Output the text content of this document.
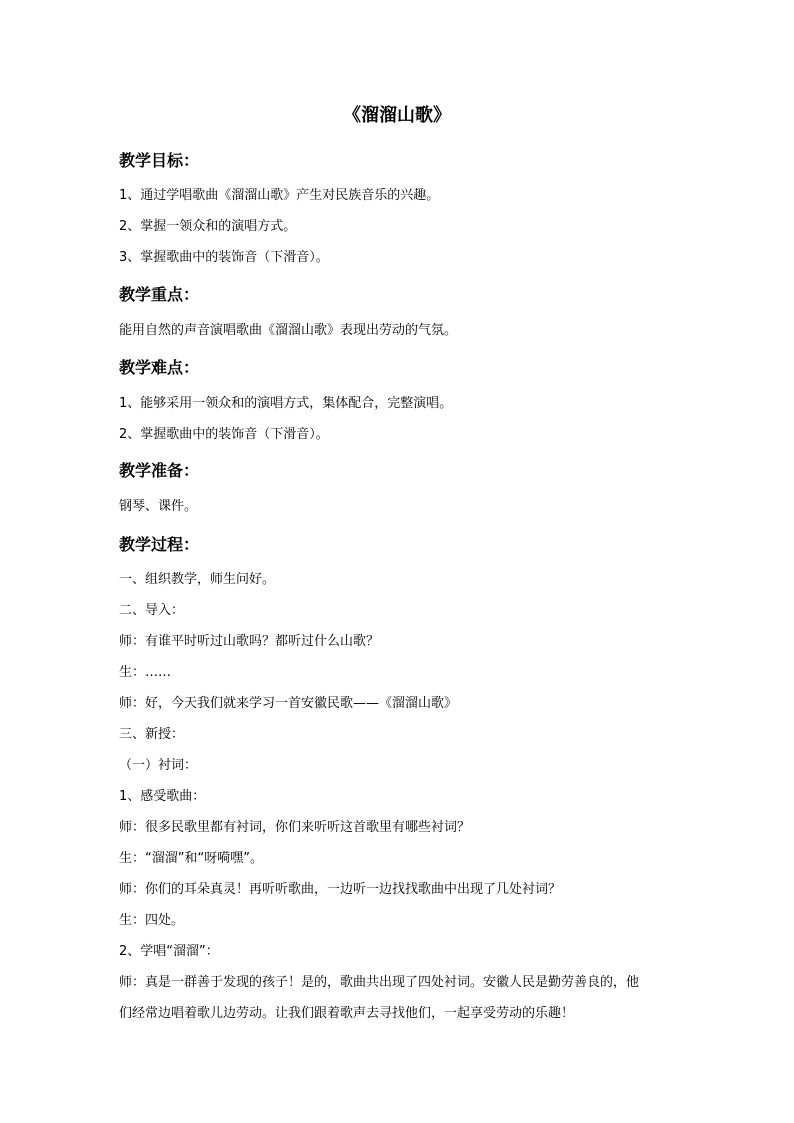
《溜溜山歌》
教学目标：
1、通过学唱歌曲《溜溜山歌》产生对民族音乐的兴趣。
2、掌握一领众和的演唱方式。
3、掌握歌曲中的装饰音（下滑音）。
教学重点：
能用自然的声音演唱歌曲《溜溜山歌》表现出劳动的气氛。
教学难点：
1、能够采用一领众和的演唱方式，集体配合，完整演唱。
2、掌握歌曲中的装饰音（下滑音）。
教学准备：
钢琴、课件。
教学过程：
一、组织教学，师生问好。
二、导入：
师：有谁平时听过山歌吗？都听过什么山歌？
生：……
师：好，今天我们就来学习一首安徽民歌——《溜溜山歌》
三、新授：
（一）衬词：
1、感受歌曲：
师：很多民歌里都有衬词，你们来听听这首歌里有哪些衬词？
生：“溜溜”和“呀嗬嘿”。
师：你们的耳朵真灵！再听听歌曲，一边听一边找找歌曲中出现了几处衬词？
生：四处。
2、学唱“溜溜”：
师：真是一群善于发现的孩子！是的，歌曲共出现了四处衬词。安徽人民是勤劳善良的，他
们经常边唱着歌儿边劳动。让我们跟着歌声去寻找他们，一起享受劳动的乐趣！
